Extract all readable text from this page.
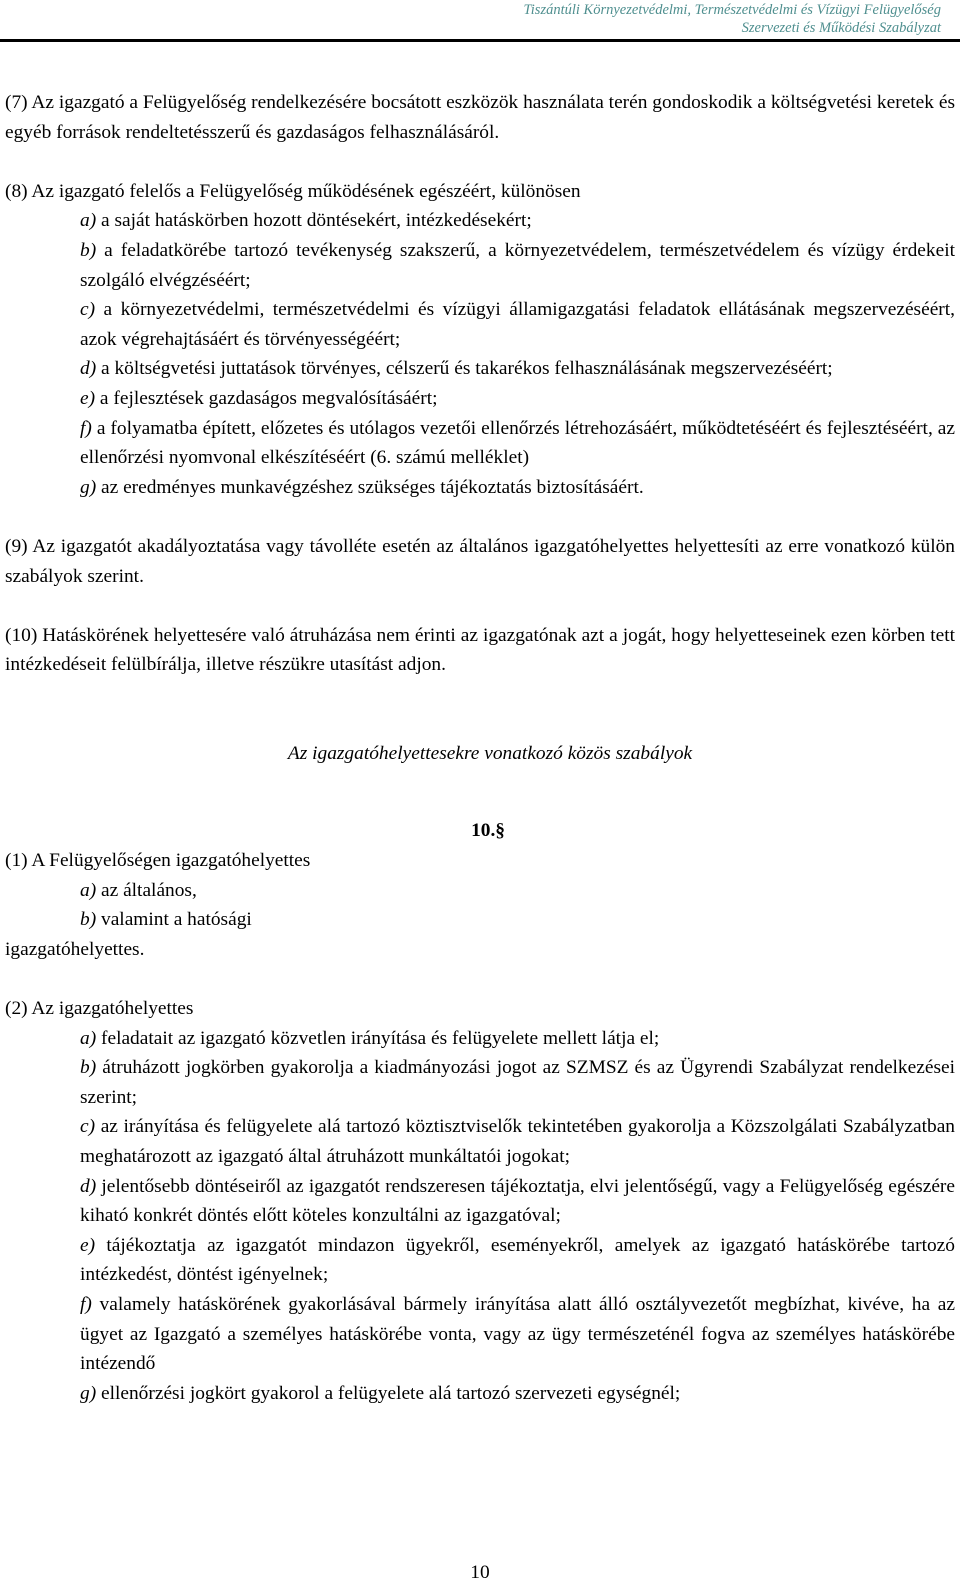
Tiszántúli Környezetvédelmi, Természetvédelmi és Vízügyi Felügyelőség
Szervezeti és Működési Szabályzat

(7) Az igazgató a Felügyelőség rendelkezésére bocsátott eszközök használata terén gondoskodik a költségvetési keretek és egyéb források rendeltetésszerű és gazdaságos felhasználásáról.

(8) Az igazgató felelős a Felügyelőség működésének egészéért, különösen

a) a saját hatáskörben hozott döntésekért, intézkedésekért;

b) a feladatkörébe tartozó tevékenység szakszerű, a környezetvédelem, természetvédelem és vízügy érdekeit szolgáló elvégzéséért;

c) a környezetvédelmi, természetvédelmi és vízügyi államigazgatási feladatok ellátásának megszervezéséért, azok végrehajtásáért és törvényességéért;

d) a költségvetési juttatások törvényes, célszerű és takarékos felhasználásának megszervezéséért;

e) a fejlesztések gazdaságos megvalósításáért;

f) a folyamatba épített, előzetes és utólagos vezetői ellenőrzés létrehozásáért, működtetéséért és fejlesztéséért, az ellenőrzési nyomvonal elkészítéséért (6. számú melléklet)

g) az eredményes munkavégzéshez szükséges tájékoztatás biztosításáért.

(9) Az igazgatót akadályoztatása vagy távolléte esetén az általános igazgatóhelyettes helyettesíti az erre vonatkozó külön szabályok szerint.

(10) Hatáskörének helyettesére való átruházása nem érinti az igazgatónak azt a jogát, hogy helyetteseinek ezen körben tett intézkedéseit felülbírálja, illetve részükre utasítást adjon.

Az igazgatóhelyettesekre vonatkozó közös szabályok

10.§

(1) A Felügyelőségen igazgatóhelyettes

a) az általános,

b) valamint a hatósági

igazgatóhelyettes.

(2) Az igazgatóhelyettes

a) feladatait az igazgató közvetlen irányítása és felügyelete mellett látja el;

b) átruházott jogkörben gyakorolja a kiadmányozási jogot az SZMSZ és az Ügyrendi Szabályzat rendelkezései szerint;

c) az irányítása és felügyelete alá tartozó köztisztviselők tekintetében gyakorolja a Közszolgálati Szabályzatban meghatározott az igazgató által átruházott munkáltatói jogokat;

d) jelentősebb döntéseiről az igazgatót rendszeresen tájékoztatja, elvi jelentőségű, vagy a Felügyelőség egészére kiható konkrét döntés előtt köteles konzultálni az igazgatóval;

e) tájékoztatja az igazgatót mindazon ügyekről, eseményekről, amelyek az igazgató hatáskörébe tartozó intézkedést, döntést igényelnek;

f) valamely hatáskörének gyakorlásával bármely irányítása alatt álló osztályvezetőt megbízhat, kivéve, ha az ügyet az Igazgató a személyes hatáskörébe vonta, vagy az ügy természeténél fogva az személyes hatáskörébe intézendő

g) ellenőrzési jogkört gyakorol a felügyelete alá tartozó szervezeti egységnél;

10
